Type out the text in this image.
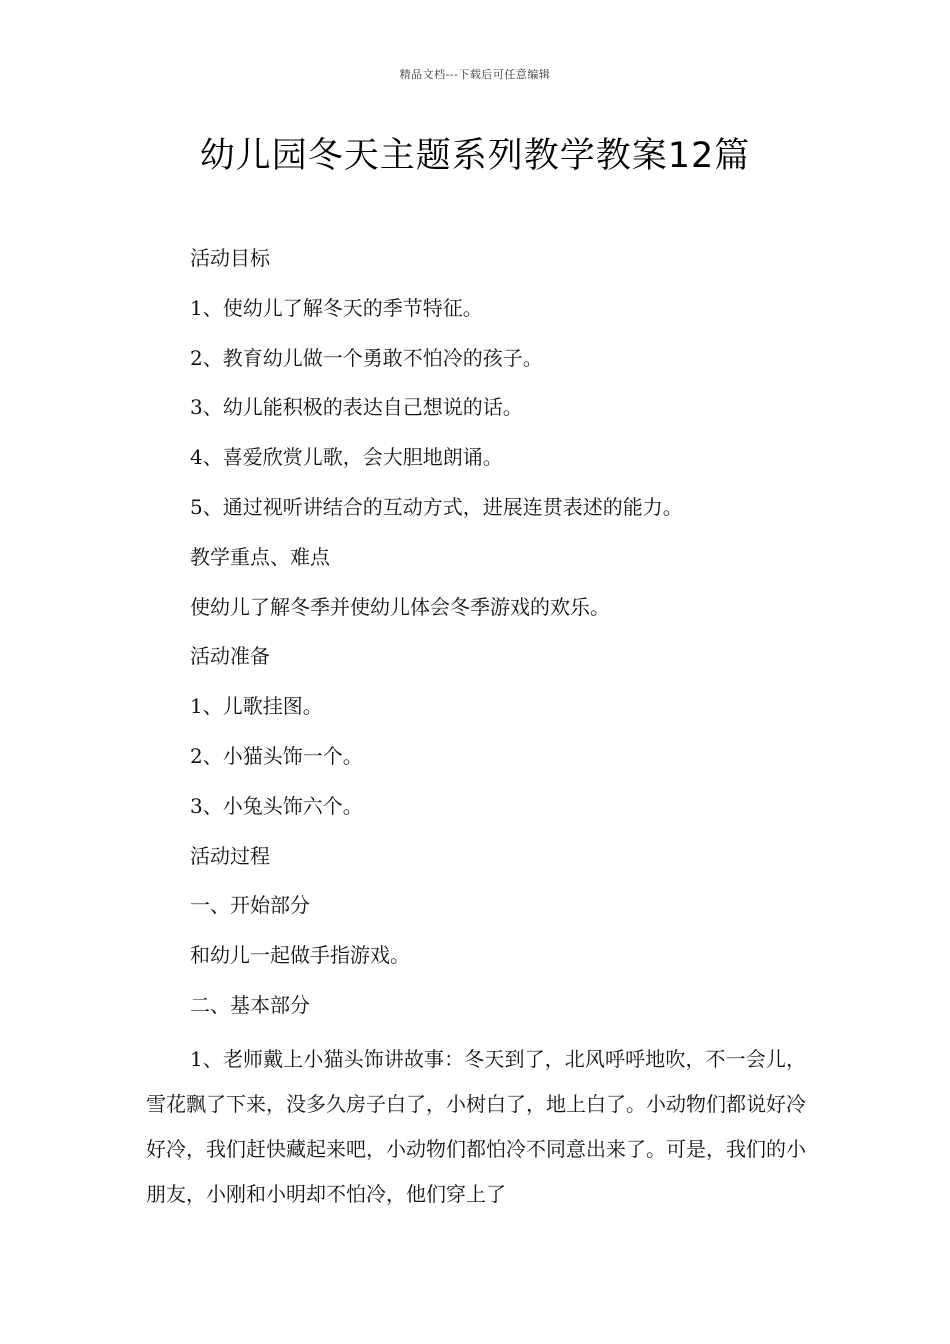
精品文档---下载后可任意编辑
幼儿园冬天主题系列教学教案12篇
活动目标
1、使幼儿了解冬天的季节特征。
2、教育幼儿做一个勇敢不怕冷的孩子。
3、幼儿能积极的表达自己想说的话。
4、喜爱欣赏儿歌，会大胆地朗诵。
5、通过视听讲结合的互动方式，进展连贯表述的能力。
教学重点、难点
使幼儿了解冬季并使幼儿体会冬季游戏的欢乐。
活动准备
1、儿歌挂图。
2、小猫头饰一个。
3、小兔头饰六个。
活动过程
一、开始部分
和幼儿一起做手指游戏。
二、基本部分
1、老师戴上小猫头饰讲故事：冬天到了，北风呼呼地吹，不一会儿，雪花飘了下来，没多久房子白了，小树白了，地上白了。小动物们都说好冷好冷，我们赶快藏起来吧，小动物们都怕冷不同意出来了。可是，我们的小朋友，小刚和小明却不怕冷，他们穿上了
